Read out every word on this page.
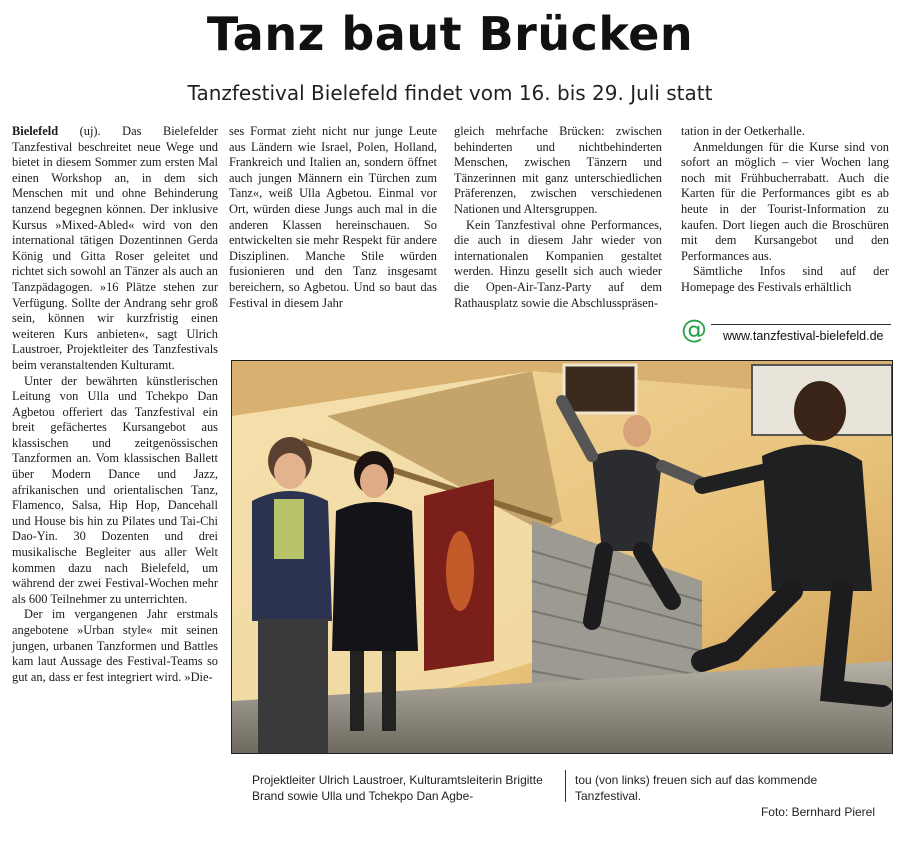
Tanz baut Brücken
Tanzfestival Bielefeld findet vom 16. bis 29. Juli statt

Bielefeld (uj). Das Bielefelder Tanzfestival beschreitet neue Wege und bietet in diesem Sommer zum ersten Mal einen Workshop an, in dem sich Menschen mit und ohne Behinderung tanzend begegnen können. Der inklusive Kursus »Mixed-Abled« wird von den international tätigen Dozentinnen Gerda König und Gitta Roser geleitet und richtet sich sowohl an Tänzer als auch an Tanzpädagogen. »16 Plätze stehen zur Verfügung. Sollte der Andrang sehr groß sein, können wir kurzfristig einen weiteren Kurs anbieten«, sagt Ulrich Laustroer, Projektleiter des Tanzfestivals beim veranstaltenden Kulturamt.

Unter der bewährten künstlerischen Leitung von Ulla und Tchekpo Dan Agbetou offeriert das Tanzfestival ein breit gefächertes Kursangebot aus klassischen und zeitgenössischen Tanzformen an. Vom klassischen Ballett über Modern Dance und Jazz, afrikanischen und orientalischen Tanz, Flamenco, Salsa, Hip Hop, Dancehall und House bis hin zu Pilates und Tai-Chi Dao-Yin. 30 Dozenten und drei musikalische Begleiter aus aller Welt kommen dazu nach Bielefeld, um während der zwei Festival-Wochen mehr als 600 Teilnehmer zu unterrichten.

Der im vergangenen Jahr erstmals angebotene »Urban style« mit seinen jungen, urbanen Tanzformen und Battles kam laut Aussage des Festival-Teams so gut an, dass er fest integriert wird. »Die-

ses Format zieht nicht nur junge Leute aus Ländern wie Israel, Polen, Holland, Frankreich und Italien an, sondern öffnet auch jungen Männern ein Türchen zum Tanz«, weiß Ulla Agbetou. Einmal vor Ort, würden diese Jungs auch mal in die anderen Klassen hereinschauen. So entwickelten sie mehr Respekt für andere Disziplinen. Manche Stile würden fusionieren und den Tanz insgesamt bereichern, so Agbetou. Und so baut das Festival in diesem Jahr

gleich mehrfache Brücken: zwischen behinderten und nichtbehinderten Menschen, zwischen Tänzern und Tänzerinnen mit ganz unterschiedlichen Präferenzen, zwischen verschiedenen Nationen und Altersgruppen.

Kein Tanzfestival ohne Performances, die auch in diesem Jahr wieder von internationalen Kompanien gestaltet werden. Hinzu gesellt sich auch wieder die Open-Air-Tanz-Party auf dem Rathausplatz sowie die Abschlusspräsen-

tation in der Oetkerhalle.

Anmeldungen für die Kurse sind von sofort an möglich – vier Wochen lang noch mit Frühbucherrabatt. Auch die Karten für die Performances gibt es ab heute in der Tourist-Information zu kaufen. Dort liegen auch die Broschüren mit dem Kursangebot und den Performances aus.

Sämtliche Infos sind auf der Homepage des Festivals erhältlich

@ www.tanzfestival-bielefeld.de
Projektleiter Ulrich Laustroer, Kulturamtsleiterin Brigitte Brand sowie Ulla und Tchekpo Dan Agbe-
tou (von links) freuen sich auf das kommende Tanzfestival.

Foto: Bernhard Pierel
